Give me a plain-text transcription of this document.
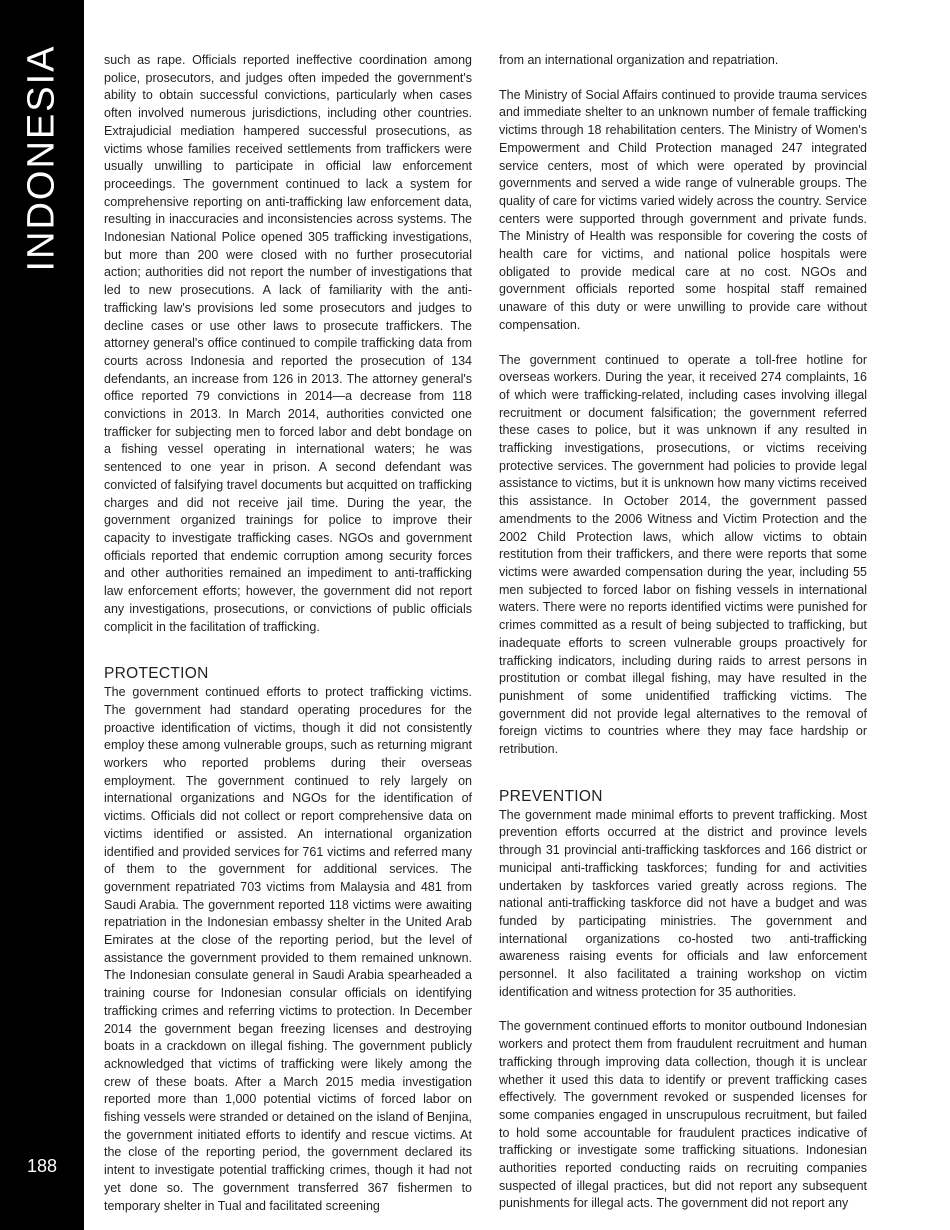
INDONESIA
188

such as rape. Officials reported ineffective coordination among police, prosecutors, and judges often impeded the government's ability to obtain successful convictions, particularly when cases often involved numerous jurisdictions, including other countries. Extrajudicial mediation hampered successful prosecutions, as victims whose families received settlements from traffickers were usually unwilling to participate in official law enforcement proceedings. The government continued to lack a system for comprehensive reporting on anti-trafficking law enforcement data, resulting in inaccuracies and inconsistencies across systems. The Indonesian National Police opened 305 trafficking investigations, but more than 200 were closed with no further prosecutorial action; authorities did not report the number of investigations that led to new prosecutions. A lack of familiarity with the anti-trafficking law's provisions led some prosecutors and judges to decline cases or use other laws to prosecute traffickers. The attorney general's office continued to compile trafficking data from courts across Indonesia and reported the prosecution of 134 defendants, an increase from 126 in 2013. The attorney general's office reported 79 convictions in 2014—a decrease from 118 convictions in 2013. In March 2014, authorities convicted one trafficker for subjecting men to forced labor and debt bondage on a fishing vessel operating in international waters; he was sentenced to one year in prison. A second defendant was convicted of falsifying travel documents but acquitted on trafficking charges and did not receive jail time. During the year, the government organized trainings for police to improve their capacity to investigate trafficking cases. NGOs and government officials reported that endemic corruption among security forces and other authorities remained an impediment to anti-trafficking law enforcement efforts; however, the government did not report any investigations, prosecutions, or convictions of public officials complicit in the facilitation of trafficking.

PROTECTION

The government continued efforts to protect trafficking victims. The government had standard operating procedures for the proactive identification of victims, though it did not consistently employ these among vulnerable groups, such as returning migrant workers who reported problems during their overseas employment. The government continued to rely largely on international organizations and NGOs for the identification of victims. Officials did not collect or report comprehensive data on victims identified or assisted. An international organization identified and provided services for 761 victims and referred many of them to the government for additional services. The government repatriated 703 victims from Malaysia and 481 from Saudi Arabia. The government reported 118 victims were awaiting repatriation in the Indonesian embassy shelter in the United Arab Emirates at the close of the reporting period, but the level of assistance the government provided to them remained unknown. The Indonesian consulate general in Saudi Arabia spearheaded a training course for Indonesian consular officials on identifying trafficking crimes and referring victims to protection. In December 2014 the government began freezing licenses and destroying boats in a crackdown on illegal fishing. The government publicly acknowledged that victims of trafficking were likely among the crew of these boats. After a March 2015 media investigation reported more than 1,000 potential victims of forced labor on fishing vessels were stranded or detained on the island of Benjina, the government initiated efforts to identify and rescue victims. At the close of the reporting period, the government declared its intent to investigate potential trafficking crimes, though it had not yet done so. The government transferred 367 fishermen to temporary shelter in Tual and facilitated screening

from an international organization and repatriation.

The Ministry of Social Affairs continued to provide trauma services and immediate shelter to an unknown number of female trafficking victims through 18 rehabilitation centers. The Ministry of Women's Empowerment and Child Protection managed 247 integrated service centers, most of which were operated by provincial governments and served a wide range of vulnerable groups. The quality of care for victims varied widely across the country. Service centers were supported through government and private funds. The Ministry of Health was responsible for covering the costs of health care for victims, and national police hospitals were obligated to provide medical care at no cost. NGOs and government officials reported some hospital staff remained unaware of this duty or were unwilling to provide care without compensation.

The government continued to operate a toll-free hotline for overseas workers. During the year, it received 274 complaints, 16 of which were trafficking-related, including cases involving illegal recruitment or document falsification; the government referred these cases to police, but it was unknown if any resulted in trafficking investigations, prosecutions, or victims receiving protective services. The government had policies to provide legal assistance to victims, but it is unknown how many victims received this assistance. In October 2014, the government passed amendments to the 2006 Witness and Victim Protection and the 2002 Child Protection laws, which allow victims to obtain restitution from their traffickers, and there were reports that some victims were awarded compensation during the year, including 55 men subjected to forced labor on fishing vessels in international waters. There were no reports identified victims were punished for crimes committed as a result of being subjected to trafficking, but inadequate efforts to screen vulnerable groups proactively for trafficking indicators, including during raids to arrest persons in prostitution or combat illegal fishing, may have resulted in the punishment of some unidentified trafficking victims. The government did not provide legal alternatives to the removal of foreign victims to countries where they may face hardship or retribution.

PREVENTION

The government made minimal efforts to prevent trafficking. Most prevention efforts occurred at the district and province levels through 31 provincial anti-trafficking taskforces and 166 district or municipal anti-trafficking taskforces; funding for and activities undertaken by taskforces varied greatly across regions. The national anti-trafficking taskforce did not have a budget and was funded by participating ministries. The government and international organizations co-hosted two anti-trafficking awareness raising events for officials and law enforcement personnel. It also facilitated a training workshop on victim identification and witness protection for 35 authorities.

The government continued efforts to monitor outbound Indonesian workers and protect them from fraudulent recruitment and human trafficking through improving data collection, though it is unclear whether it used this data to identify or prevent trafficking cases effectively. The government revoked or suspended licenses for some companies engaged in unscrupulous recruitment, but failed to hold some accountable for fraudulent practices indicative of trafficking or investigate some trafficking situations. Indonesian authorities reported conducting raids on recruiting companies suspected of illegal practices, but did not report any subsequent punishments for illegal acts. The government did not report any
